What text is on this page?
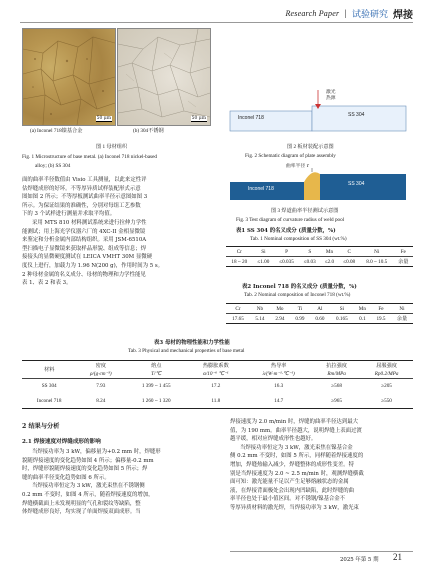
Research Paper | 试验研究 焊接
50 μm	50 μm
(a) Inconel 718镍基合金	(b) 304不锈钢
图 1 母材组织
Fig. 1 Microstructure of base metal. (a) Inconel 718 nickel-based
alloy; (b) SS 304
面的曲率半径数值由 Visio 工具测量，以此来定性评
估焊缝成形的好坏。不等厚异质试样装配形式示意
图如图 2 所示；不等厚板测试曲率半径示意图如图 3
所示。为保证结果的准确性，分别对每组工艺参数
下的 3 个试样进行测量并求取平均值。
采用 MTS 810 材料测试系统来进行拉伸力学性
能测试；用上海光学仪器六厂的 4XC-II 金相显微镜
来鉴定和分析金属内部结构组织。采用 JSM-6510A
型扫描电子显微镜来获取样品形貌、组成等信息；焊
接接头的显微硬度测试在 LEICA VMHT 30M 显微硬
度仪上进行，加载力为 1.96 N(200 g)，作用时间为 5 s。
2 种母材金属的名义成分、母材的物理和力学性能见
表 1、表 2 和表 3。
Inconel 718	SS 304
激光
热源
图 2 板材装配示意图
Fig. 2 Schematic diagram of plate assembly
曲率半径 r
Inconel 718
SS 304
图 3 焊道曲率半径测试示意图
Fig. 3 Test diagram of curvature radius of weld pool
表1 SS 304 的名义成分 (质量分数，%)
Tab. 1 Nominal composition of SS 304 (wt.%)
Cr	Si	P	S	Mn	C	Ni	Fe
18 ~ 20	≤1.00	≤0.035	≤0.03	≤2.0	≤0.08	8.0 ~ 10.5	余量
表2 Inconel 718 的名义成分 (质量分数，%)
Tab. 2 Nominal composition of Inconel 718 (wt.%)
Cr	Nb	Mo	Ti	Al	Si	Mn	Fe	Ni
17.65	5.14	2.94	0.99	0.60	0.165	0.1	19.5	余量
表3 母材的物理性能和力学性能
Tab. 3 Physical and mechanical properties of base metal
材料	密度	熔点	热膨胀系数	热导率	抗拉强度	屈服强度
	ρ/(g·cm⁻³)	T/℃	α/10⁻⁶ ℃⁻¹	λ/(W·m⁻¹·℃⁻¹)	Rm/MPa	Rp0.2/MPa
SS 304	7.93	1 399 ~ 1 455	17.2	16.3	≥568	≥205
Inconel 718	8.24	1 260 ~ 1 320	11.8	14.7	≥965	≥550
2 结果与分析
2.1 焊接速度对焊缝成形的影响
当焊接功率为 3 kW，偏移量为+0.2 mm 时，焊缝形
貌随焊接速度的变化趋势如图 4 所示；偏移量-0.2 mm
时，焊缝形貌随焊接速度的变化趋势如图 5 所示；焊
缝的曲率半径变化趋势如图 6 所示。
当焊接功率恒定为 3 kW，激光束焦在不锈钢侧
0.2 mm 不变时，如图 4 所示，随着焊接速度的增加，
焊缝横截面上未发现明显的气孔和裂纹等缺陷，整
体焊缝成形良好，均实现了单面焊接双面成形。当
焊接速度为 2.0 m/min 时，焊缝的曲率半径达到最大
值，为 190 mm。曲率半径越大，说明焊缝上表面过渡
越平缓，相对应焊缝成形性也越好。
当焊接功率恒定为 3 kW，激光束焦在镍基合金
侧 0.2 mm 不变时，如图 5 所示，同样随着焊接速度的
增加，焊缝热输入减少，焊缝整体的成形性变差。特
别是当焊接速度为 2.0 ~ 2.5 m/min 时，观测焊缝横截
面可知：激光能量不足以产生足够熔融状态的金属
液，在焊接背面极处会出现内凹缺陷，此时焊缝的曲
率半径也处于最小值区间。对不锈钢/镍基合金不
等厚异质材料的激光焊，当焊接功率为 3 kW，激光束
2025 年第 5 期 21
